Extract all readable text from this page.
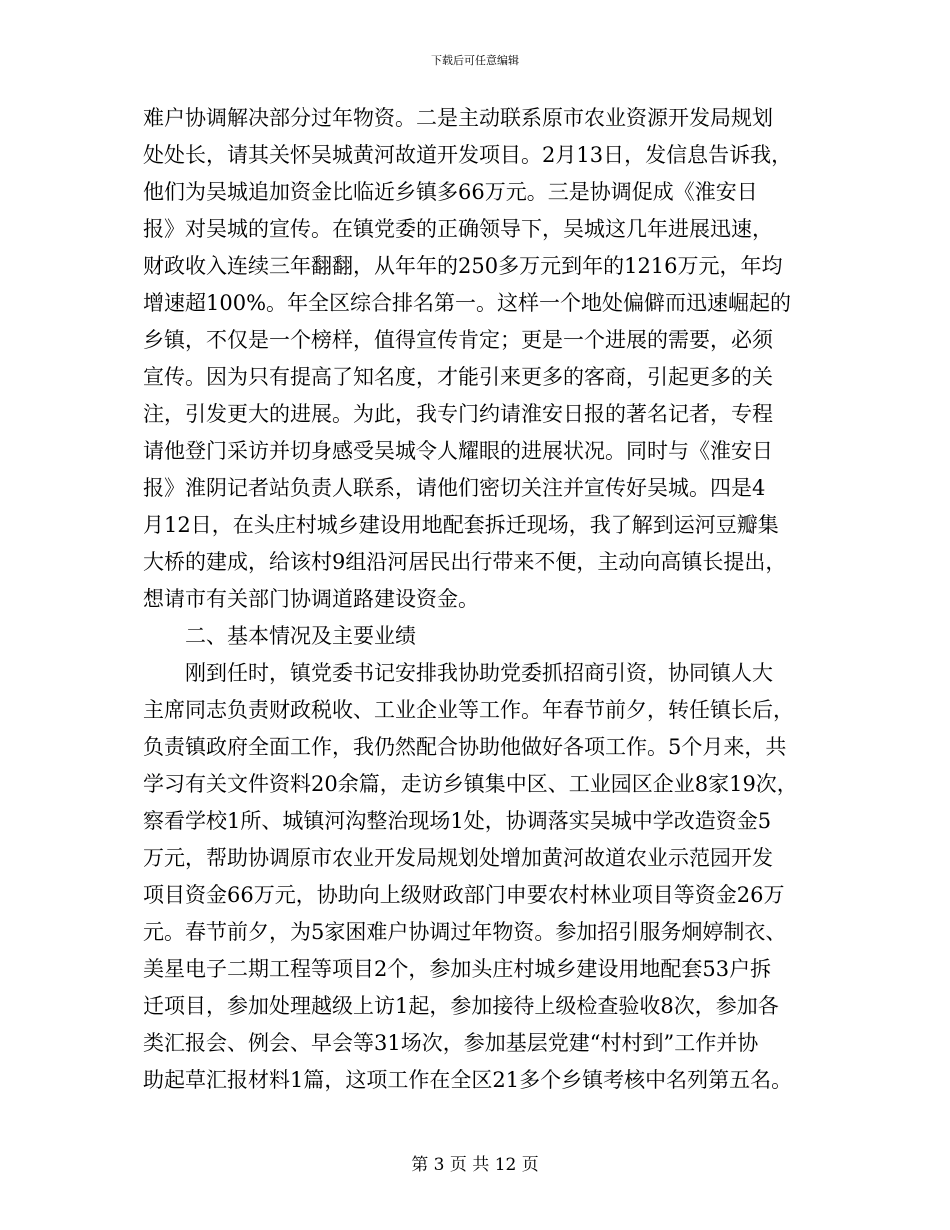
下载后可任意编辑
难户协调解决部分过年物资。二是主动联系原市农业资源开发局规划
处处长，请其关怀吴城黄河故道开发项目。2月13日，发信息告诉我，
他们为吴城追加资金比临近乡镇多66万元。三是协调促成《淮安日
报》对吴城的宣传。在镇党委的正确领导下，吴城这几年进展迅速，
财政收入连续三年翻翻，从年年的250多万元到年的1216万元，年均
增速超100%。年全区综合排名第一。这样一个地处偏僻而迅速崛起的
乡镇，不仅是一个榜样，值得宣传肯定；更是一个进展的需要，必须
宣传。因为只有提高了知名度，才能引来更多的客商，引起更多的关
注，引发更大的进展。为此，我专门约请淮安日报的著名记者，专程
请他登门采访并切身感受吴城令人耀眼的进展状况。同时与《淮安日
报》淮阴记者站负责人联系，请他们密切关注并宣传好吴城。四是4
月12日，在头庄村城乡建设用地配套拆迁现场，我了解到运河豆瓣集
大桥的建成，给该村9组沿河居民出行带来不便，主动向高镇长提出，
想请市有关部门协调道路建设资金。
二、基本情况及主要业绩
刚到任时，镇党委书记安排我协助党委抓招商引资，协同镇人大
主席同志负责财政税收、工业企业等工作。年春节前夕，转任镇长后，
负责镇政府全面工作，我仍然配合协助他做好各项工作。5个月来，共
学习有关文件资料20余篇，走访乡镇集中区、工业园区企业8家19次，
察看学校1所、城镇河沟整治现场1处，协调落实吴城中学改造资金5
万元，帮助协调原市农业开发局规划处增加黄河故道农业示范园开发
项目资金66万元，协助向上级财政部门申要农村林业项目等资金26万
元。春节前夕，为5家困难户协调过年物资。参加招引服务炯婷制衣、
美星电子二期工程等项目2个，参加头庄村城乡建设用地配套53户拆
迁项目，参加处理越级上访1起，参加接待上级检查验收8次，参加各
类汇报会、例会、早会等31场次，参加基层党建“村村到”工作并协
助起草汇报材料1篇，这项工作在全区21多个乡镇考核中名列第五名。
第 3 页 共 12 页
